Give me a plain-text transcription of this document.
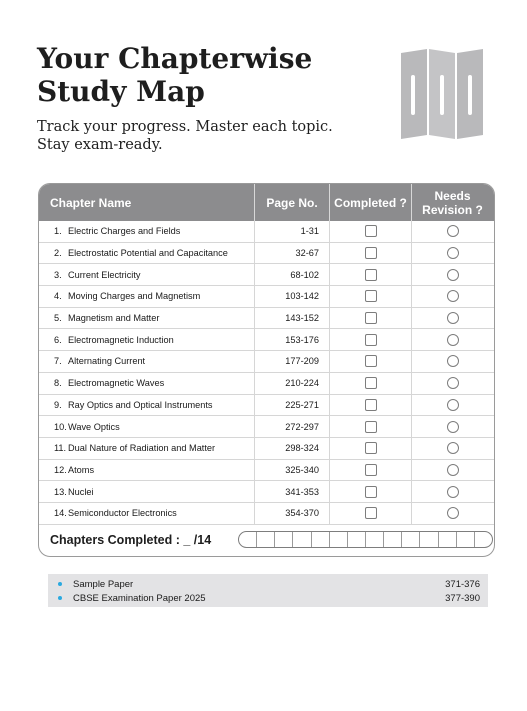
Your Chapterwise
Study Map

Track your progress. Master each topic.
Stay exam-ready.

Chapter Name	Page No.	Completed ?	Needs
Revision ?
1. Electric Charges and Fields	1-31
2. Electrostatic Potential and Capacitance	32-67
3. Current Electricity	68-102
4. Moving Charges and Magnetism	103-142
5. Magnetism and Matter	143-152
6. Electromagnetic Induction	153-176
7. Alternating Current	177-209
8. Electromagnetic Waves	210-224
9. Ray Optics and Optical Instruments	225-271
10. Wave Optics	272-297
11. Dual Nature of Radiation and Matter	298-324
12. Atoms	325-340
13. Nuclei	341-353
14. Semiconductor Electronics	354-370
Chapters Completed : _ /14
Sample Paper	371-376
CBSE Examination Paper 2025	377-390
